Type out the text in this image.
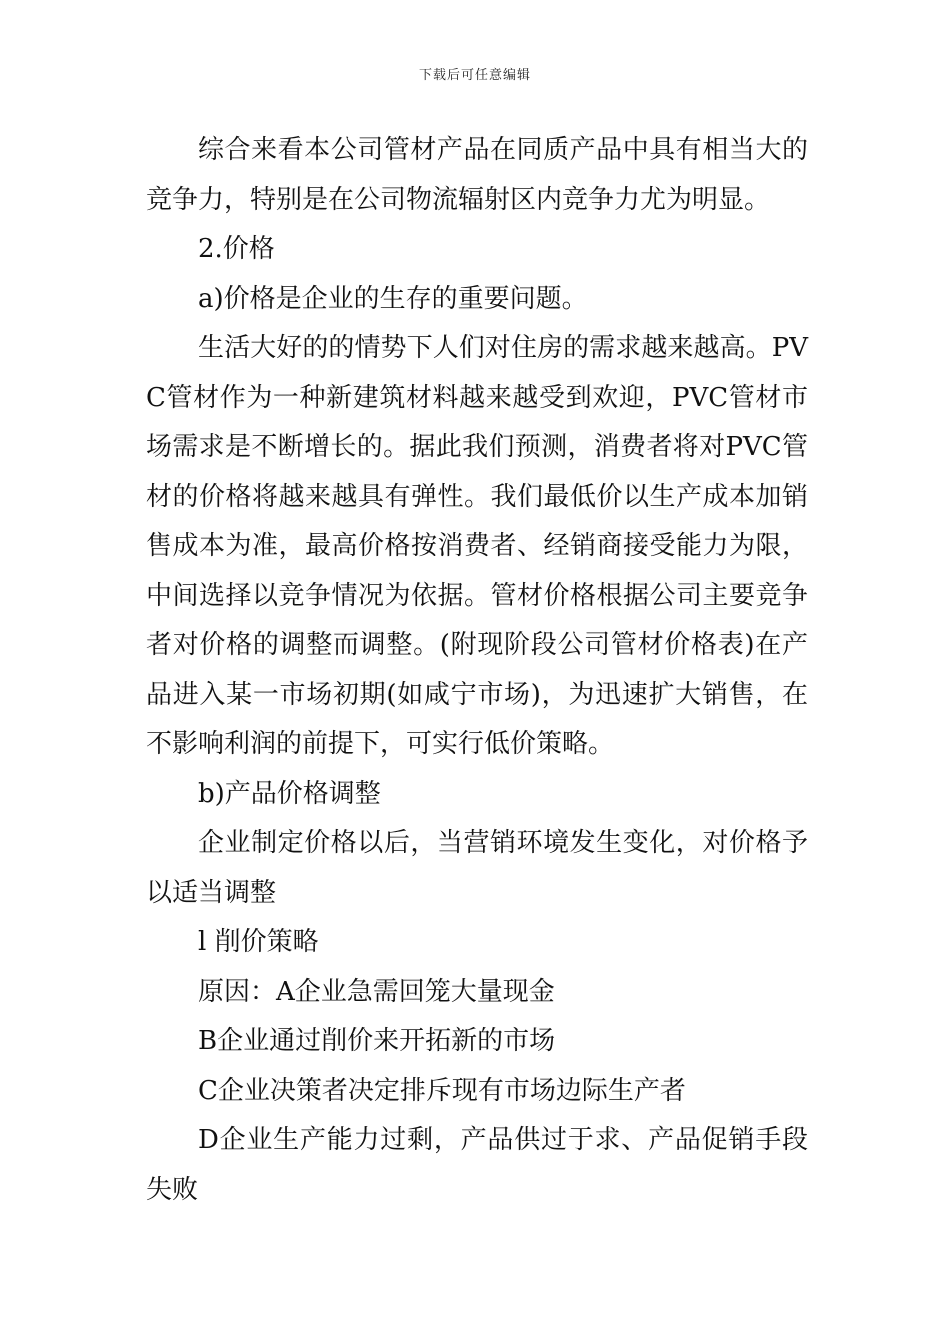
下载后可任意编辑

综合来看本公司管材产品在同质产品中具有相当大的竞争力，特别是在公司物流辐射区内竞争力尤为明显。

2.价格

a)价格是企业的生存的重要问题。

生活大好的的情势下人们对住房的需求越来越高。PVC管材作为一种新建筑材料越来越受到欢迎，PVC管材市场需求是不断增长的。据此我们预测，消费者将对PVC管材的价格将越来越具有弹性。我们最低价以生产成本加销售成本为准，最高价格按消费者、经销商接受能力为限，中间选择以竞争情况为依据。管材价格根据公司主要竞争者对价格的调整而调整。(附现阶段公司管材价格表)在产品进入某一市场初期(如咸宁市场)，为迅速扩大销售，在不影响利润的前提下，可实行低价策略。

b)产品价格调整

企业制定价格以后，当营销环境发生变化，对价格予以适当调整

l 削价策略

原因：A企业急需回笼大量现金

B企业通过削价来开拓新的市场

C企业决策者决定排斥现有市场边际生产者

D企业生产能力过剩，产品供过于求、产品促销手段失败
